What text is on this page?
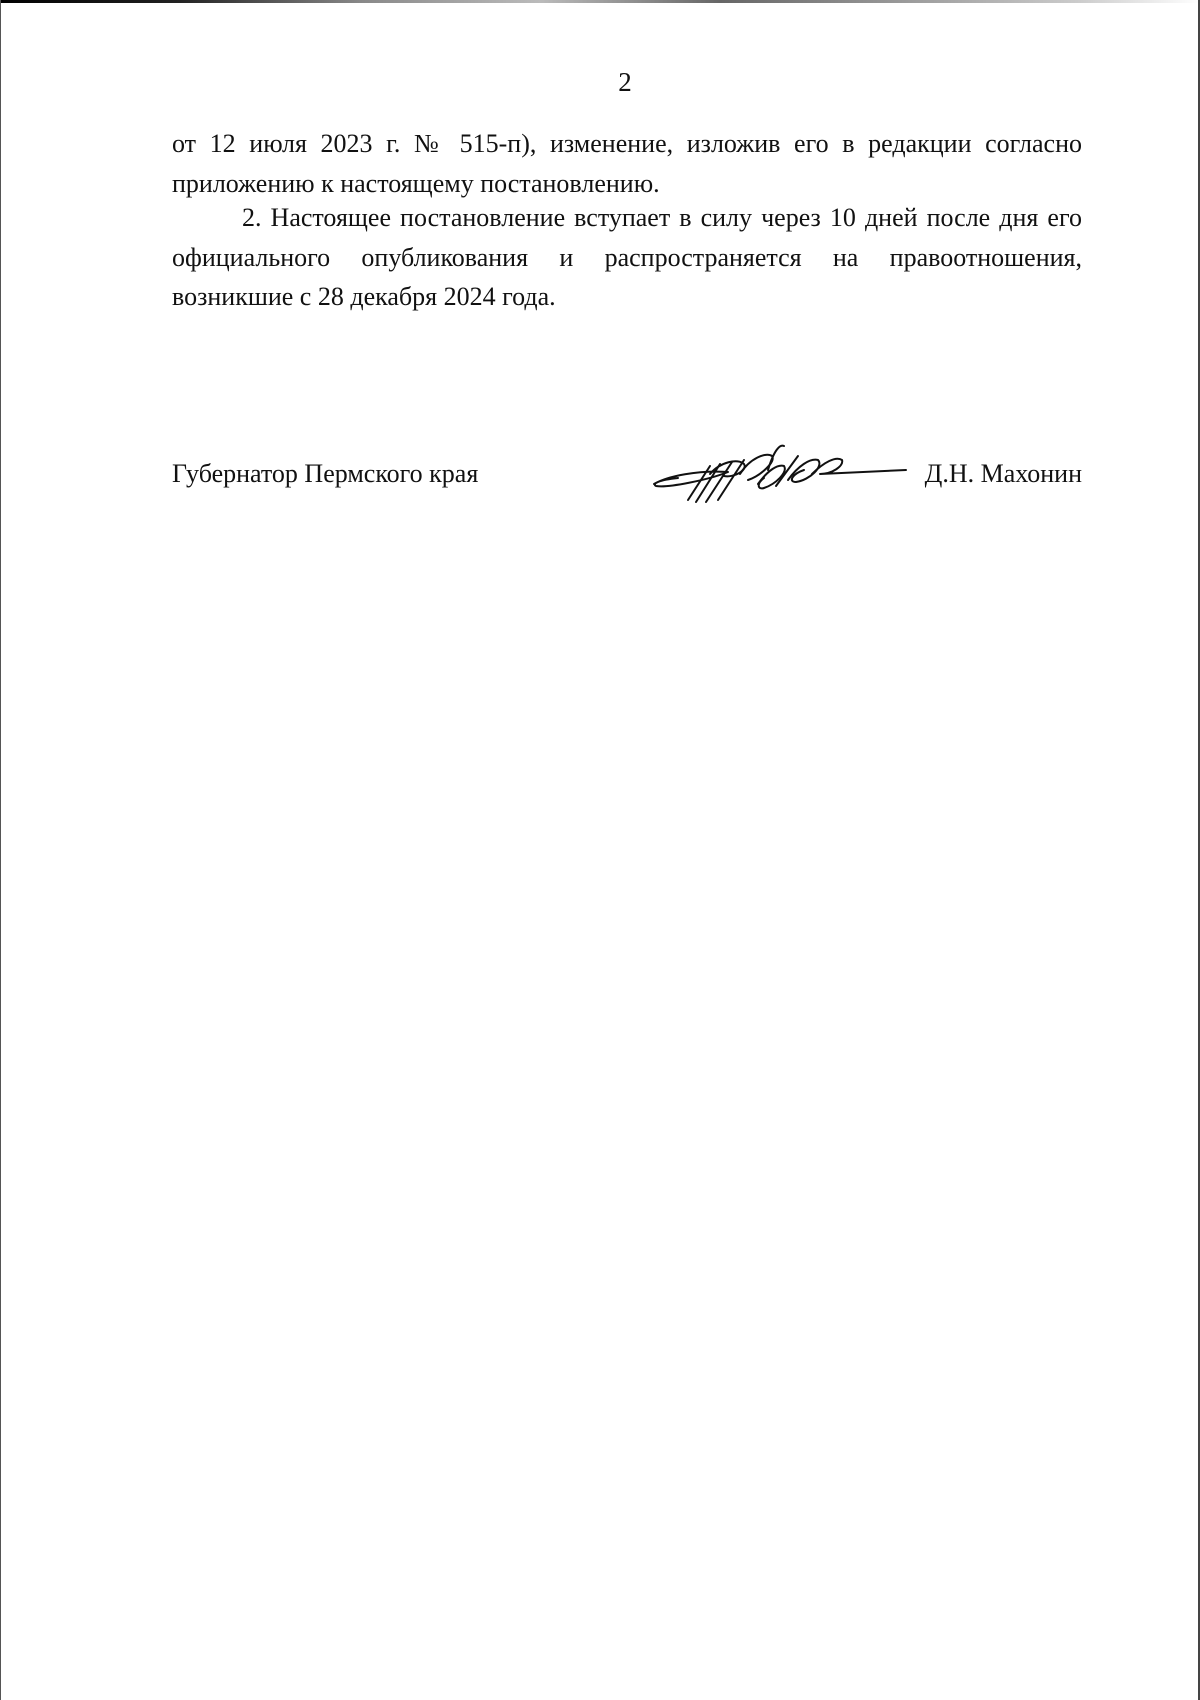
2

от 12 июля 2023 г. № 515-п), изменение, изложив его в редакции согласно приложению к настоящему постановлению.

2. Настоящее постановление вступает в силу через 10 дней после дня его официального опубликования и распространяется на правоотношения, возникшие с 28 декабря 2024 года.

Губернатор Пермского края	Д.Н. Махонин
